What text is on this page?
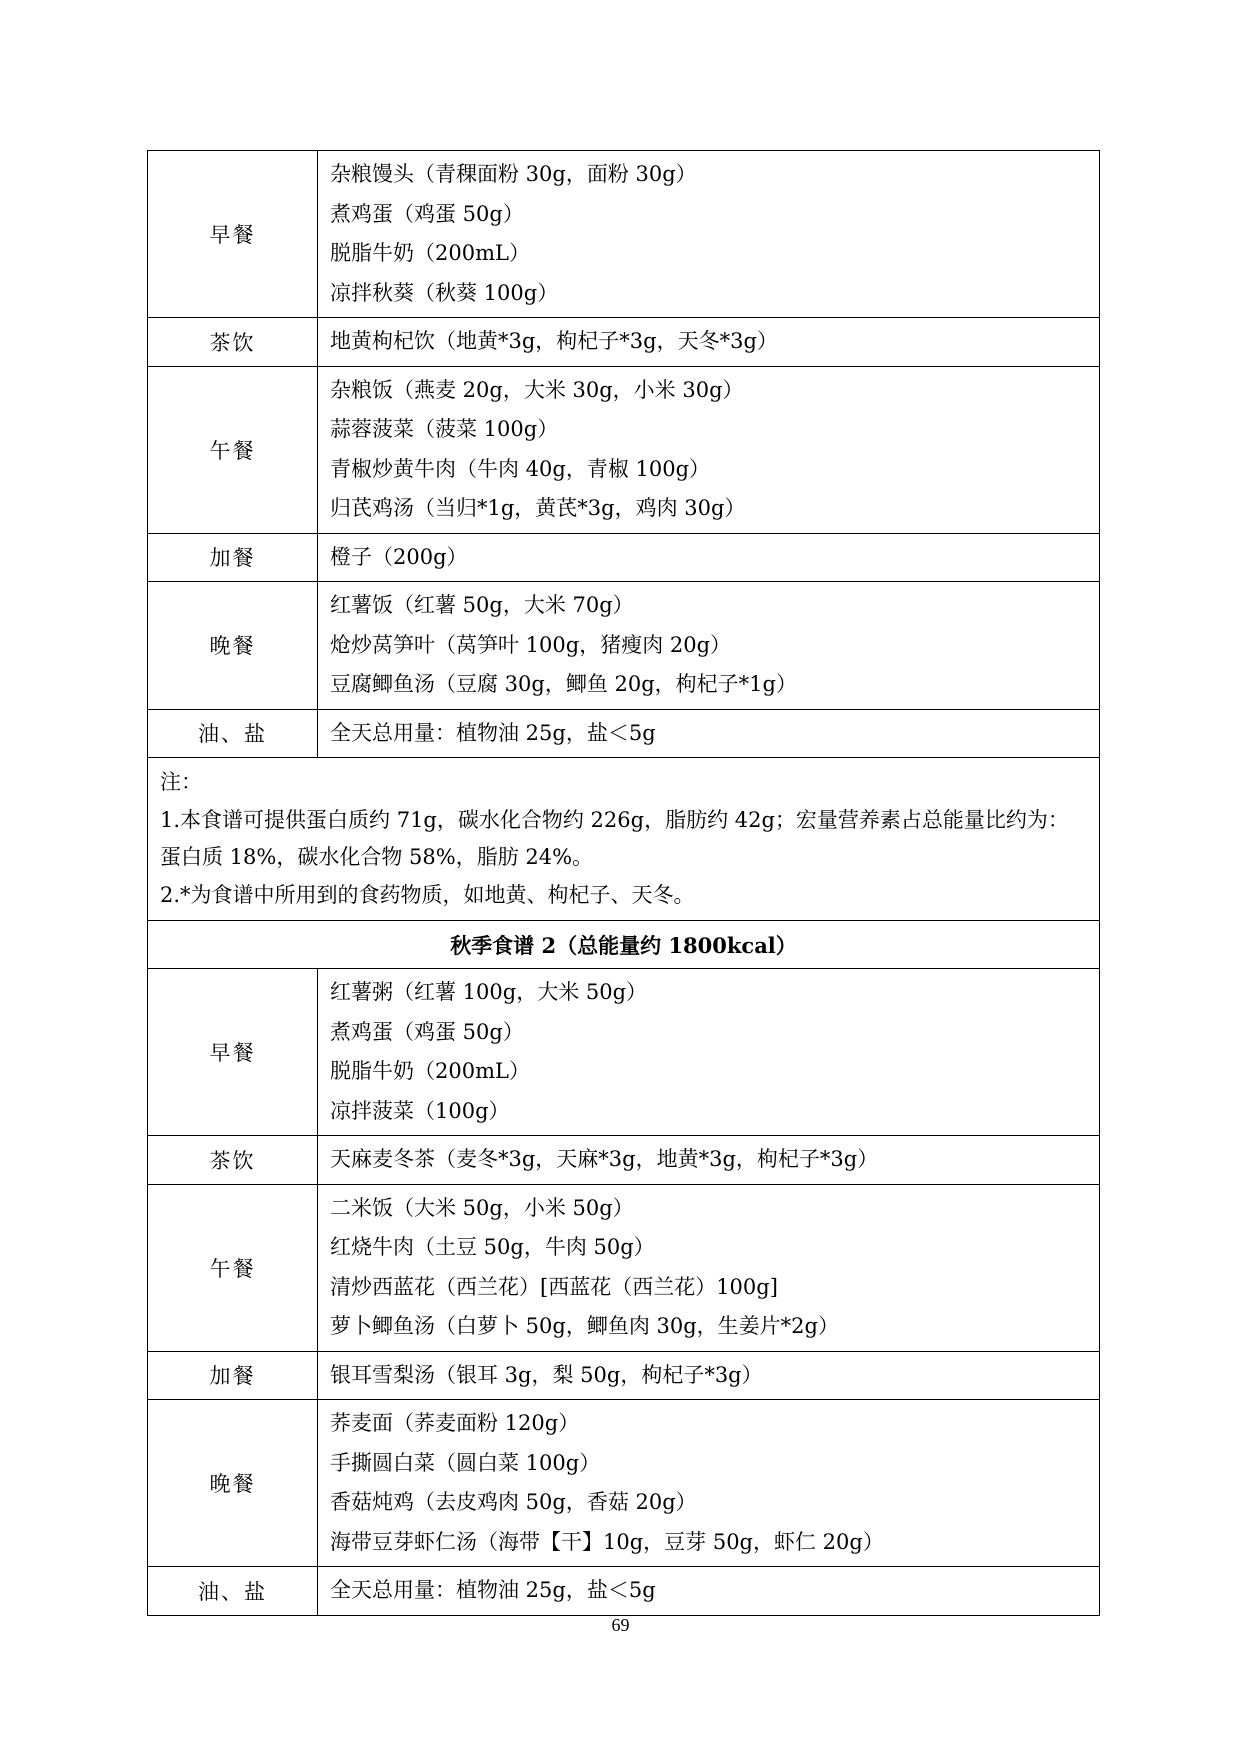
早餐	杂粮馒头（青稞面粉 30g，面粉 30g）
煮鸡蛋（鸡蛋 50g）
脱脂牛奶（200mL）
凉拌秋葵（秋葵 100g）

茶饮	地黄枸杞饮（地黄*3g，枸杞子*3g，天冬*3g）

午餐	杂粮饭（燕麦 20g，大米 30g，小米 30g）
蒜蓉菠菜（菠菜 100g）
青椒炒黄牛肉（牛肉 40g，青椒 100g）
归芪鸡汤（当归*1g，黄芪*3g，鸡肉 30g）

加餐	橙子（200g）

晚餐	红薯饭（红薯 50g，大米 70g）
炝炒莴笋叶（莴笋叶 100g，猪瘦肉 20g）
豆腐鲫鱼汤（豆腐 30g，鲫鱼 20g，枸杞子*1g）

油、盐	全天总用量：植物油 25g，盐＜5g

注：
1.本食谱可提供蛋白质约 71g，碳水化合物约 226g，脂肪约 42g；宏量营养素占总能量比约为：蛋白质 18%，碳水化合物 58%，脂肪 24%。
2.*为食谱中所用到的食药物质，如地黄、枸杞子、天冬。	

秋季食谱 2（总能量约 1800kcal）	
早餐	红薯粥（红薯 100g，大米 50g）
煮鸡蛋（鸡蛋 50g）
脱脂牛奶（200mL）
凉拌菠菜（100g）

茶饮	天麻麦冬茶（麦冬*3g，天麻*3g，地黄*3g，枸杞子*3g）

午餐	二米饭（大米 50g，小米 50g）
红烧牛肉（土豆 50g，牛肉 50g）
清炒西蓝花（西兰花）[西蓝花（西兰花）100g]
萝卜鲫鱼汤（白萝卜 50g，鲫鱼肉 30g，生姜片*2g）

加餐	银耳雪梨汤（银耳 3g，梨 50g，枸杞子*3g）

晚餐	荞麦面（荞麦面粉 120g）
手撕圆白菜（圆白菜 100g）
香菇炖鸡（去皮鸡肉 50g，香菇 20g）
海带豆芽虾仁汤（海带【干】10g，豆芽 50g，虾仁 20g）

油、盐	全天总用量：植物油 25g，盐＜5g
69
